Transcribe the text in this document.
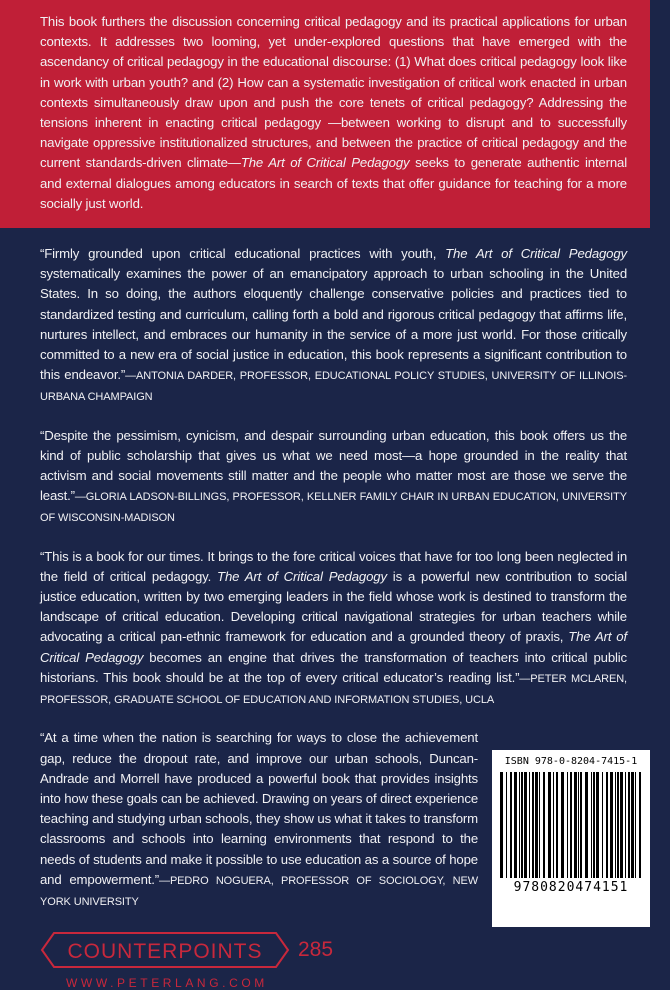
This book furthers the discussion concerning critical pedagogy and its practical applications for urban contexts. It addresses two looming, yet under-explored questions that have emerged with the ascendancy of critical pedagogy in the educational discourse: (1) What does critical pedagogy look like in work with urban youth? and (2) How can a systematic investigation of critical work enacted in urban contexts simultaneously draw upon and push the core tenets of critical pedagogy? Addressing the tensions inherent in enacting critical pedagogy —between working to disrupt and to successfully navigate oppressive institutionalized structures, and between the practice of critical pedagogy and the current standards-driven climate—The Art of Critical Pedagogy seeks to generate authentic internal and external dialogues among educators in search of texts that offer guidance for teaching for a more socially just world.

“Firmly grounded upon critical educational practices with youth, The Art of Critical Pedagogy systematically examines the power of an emancipatory approach to urban schooling in the United States. In so doing, the authors eloquently challenge conservative policies and practices tied to standardized testing and curriculum, calling forth a bold and rigorous critical pedagogy that affirms life, nurtures intellect, and embraces our humanity in the service of a more just world. For those critically committed to a new era of social justice in education, this book represents a significant contribution to this endeavor.”—ANTONIA DARDER, PROFESSOR, EDUCATIONAL POLICY STUDIES, UNIVERSITY OF ILLINOIS-URBANA CHAMPAIGN

“Despite the pessimism, cynicism, and despair surrounding urban education, this book offers us the kind of public scholarship that gives us what we need most—a hope grounded in the reality that activism and social movements still matter and the people who matter most are those we serve the least.”—GLORIA LADSON-BILLINGS, PROFESSOR, KELLNER FAMILY CHAIR IN URBAN EDUCATION, UNIVERSITY OF WISCONSIN-MADISON

“This is a book for our times. It brings to the fore critical voices that have for too long been neglected in the field of critical pedagogy. The Art of Critical Pedagogy is a powerful new contribution to social justice education, written by two emerging leaders in the field whose work is destined to transform the landscape of critical education. Developing critical navigational strategies for urban teachers while advocating a critical pan-ethnic framework for education and a grounded theory of praxis, The Art of Critical Pedagogy becomes an engine that drives the transformation of teachers into critical public historians. This book should be at the top of every critical educator’s reading list.”—PETER MCLAREN, PROFESSOR, GRADUATE SCHOOL OF EDUCATION AND INFORMATION STUDIES, UCLA

ISBN 978-0-8204-7415-1
9780820474151

“At a time when the nation is searching for ways to close the achievement gap, reduce the dropout rate, and improve our urban schools, Duncan-Andrade and Morrell have produced a powerful book that provides insights into how these goals can be achieved. Drawing on years of direct experience teaching and studying urban schools, they show us what it takes to transform classrooms and schools into learning environments that respond to the needs of students and make it possible to use education as a source of hope and empowerment.”—PEDRO NOGUERA, PROFESSOR OF SOCIOLOGY, NEW YORK UNIVERSITY

COUNTERPOINTS 285
WWW.PETERLANG.COM
